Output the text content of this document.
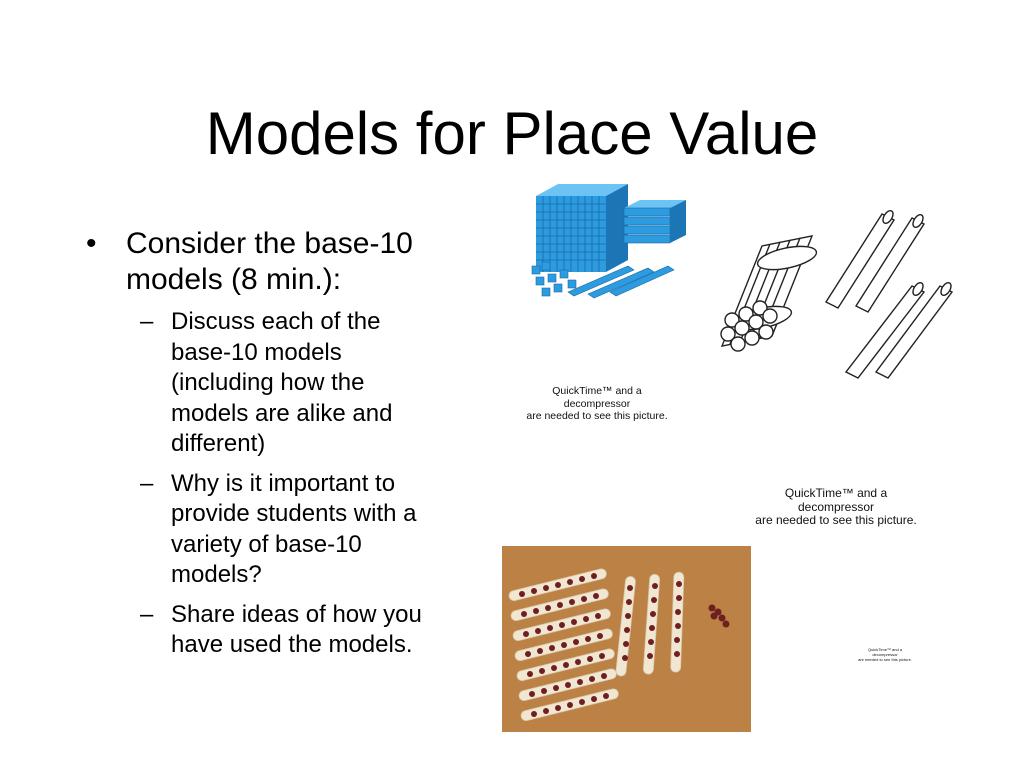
Models for Place Value
• Consider the base-10 models (8 min.):
– Discuss each of the
base-10 models
(including how the
models are alike and
different)
– Why is it important to
provide students with a
variety of base-10
models?
– Share ideas of how you
have used the models.
QuickTime™ and a
decompressor
are needed to see this picture.
QuickTime™ and a
decompressor
are needed to see this picture.
QuickTime™ and a
decompressor
are needed to see this picture.
